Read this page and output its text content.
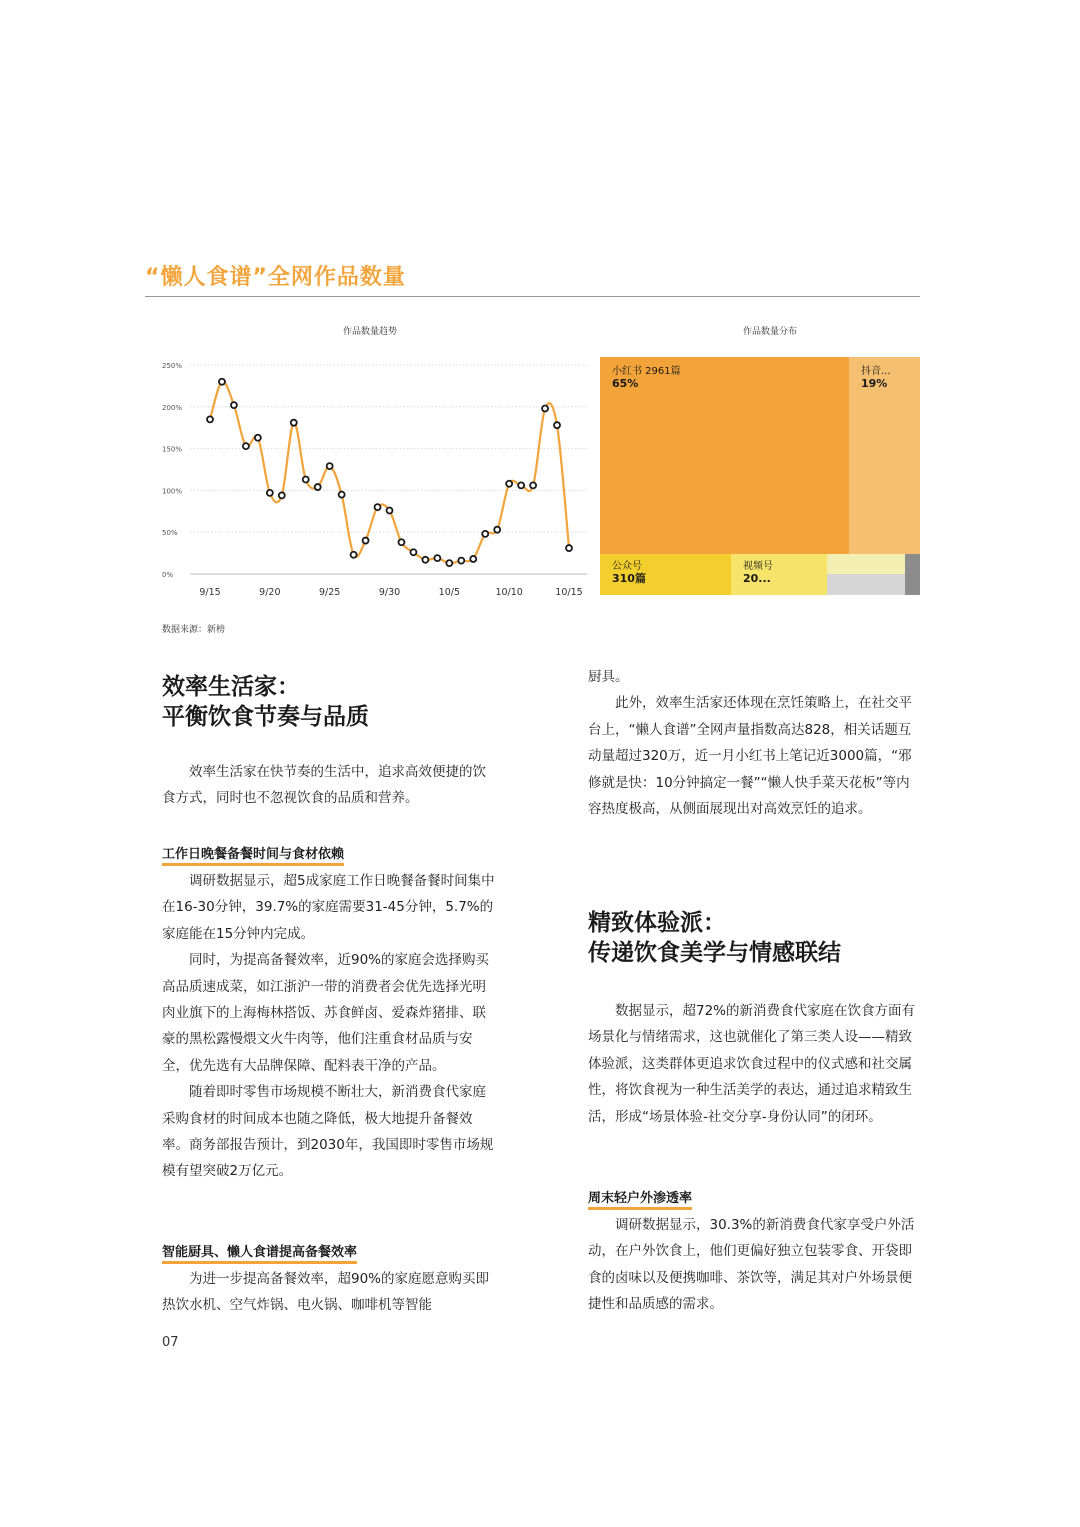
“懒人食谱”全网作品数量
作品数量趋势	作品数量分布
250%
200%
150%
100%
50%
0%
9/15	9/20	9/25	9/30	10/5	10/10	10/15
小红书 2961篇
65%
抖音...
19%
公众号
310篇
视频号
20...
数据来源：新榜
效率生活家：
平衡饮食节奏与品质

效率生活家在快节奏的生活中，追求高效便捷的饮食方式，同时也不忽视饮食的品质和营养。

工作日晚餐备餐时间与食材依赖

调研数据显示，超5成家庭工作日晚餐备餐时间集中在16-30分钟，39.7%的家庭需要31-45分钟，5.7%的家庭能在15分钟内完成。

同时，为提高备餐效率，近90%的家庭会选择购买高品质速成菜，如江浙沪一带的消费者会优先选择光明肉业旗下的上海梅林搭饭、苏食鲜卤、爱森炸猪排、联豪的黑松露慢煨文火牛肉等，他们注重食材品质与安全，优先选有大品牌保障、配料表干净的产品。

随着即时零售市场规模不断壮大，新消费食代家庭采购食材的时间成本也随之降低，极大地提升备餐效率。商务部报告预计，到2030年，我国即时零售市场规模有望突破2万亿元。

智能厨具、懒人食谱提高备餐效率

为进一步提高备餐效率，超90%的家庭愿意购买即热饮水机、空气炸锅、电火锅、咖啡机等智能

厨具。

此外，效率生活家还体现在烹饪策略上，在社交平台上，“懒人食谱”全网声量指数高达828，相关话题互动量超过320万，近一月小红书上笔记近3000篇，“邪修就是快：10分钟搞定一餐”“懒人快手菜天花板”等内容热度极高，从侧面展现出对高效烹饪的追求。

精致体验派：
传递饮食美学与情感联结

数据显示，超72%的新消费食代家庭在饮食方面有场景化与情绪需求，这也就催化了第三类人设——精致体验派，这类群体更追求饮食过程中的仪式感和社交属性，将饮食视为一种生活美学的表达，通过追求精致生活，形成“场景体验-社交分享-身份认同”的闭环。

周末轻户外渗透率

调研数据显示，30.3%的新消费食代家享受户外活动，在户外饮食上，他们更偏好独立包装零食、开袋即食的卤味以及便携咖啡、茶饮等，满足其对户外场景便捷性和品质感的需求。

07
